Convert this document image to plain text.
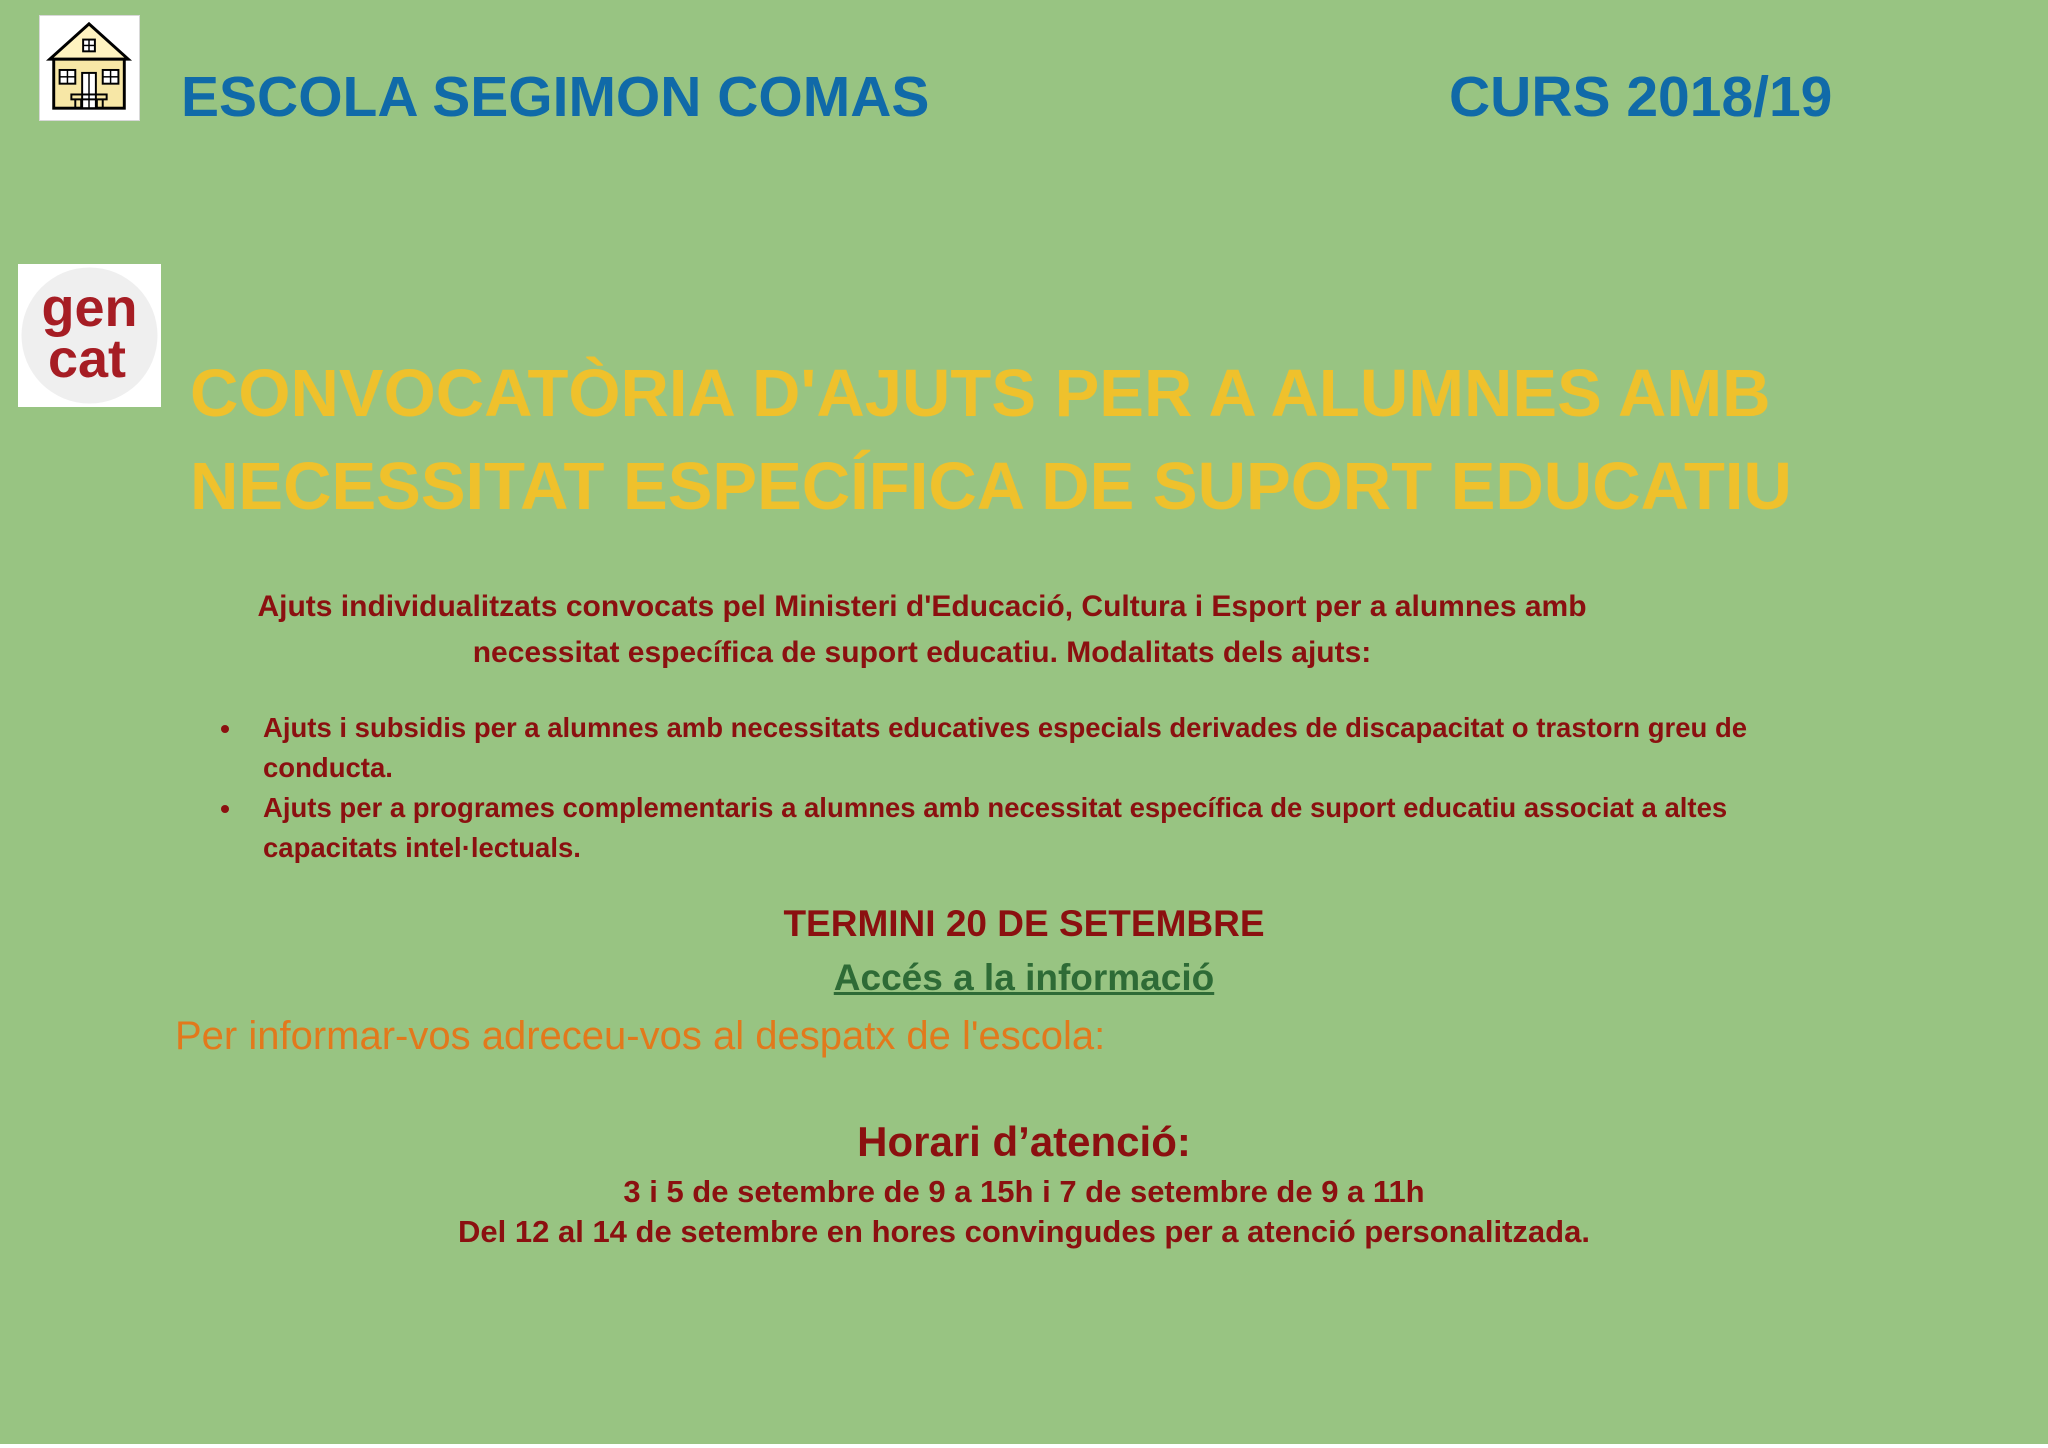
ESCOLA SEGIMON COMAS	CURS 2018/19
gen
cat CONVOCATÒRIA D'AJUTS PER A ALUMNES AMB
NECESSITAT ESPECÍFICA DE SUPORT EDUCATIU
Ajuts individualitzats convocats pel Ministeri d'Educació, Cultura i Esport per a alumnes amb necessitat específica de suport educatiu. Modalitats dels ajuts:
Ajuts i subsidis per a alumnes amb necessitats educatives especials derivades de discapacitat o trastorn greu de
conducta.
Ajuts per a programes complementaris a alumnes amb necessitat específica de suport educatiu associat a altes
capacitats intel·lectuals.
TERMINI 20 DE SETEMBRE
Accés a la informació
Per informar-vos adreceu-vos al despatx de l'escola:
Horari d’atenció:
3 i 5 de setembre de 9 a 15h i 7 de setembre de 9 a 11h
Del 12 al 14 de setembre en hores convingudes per a atenció personalitzada.
